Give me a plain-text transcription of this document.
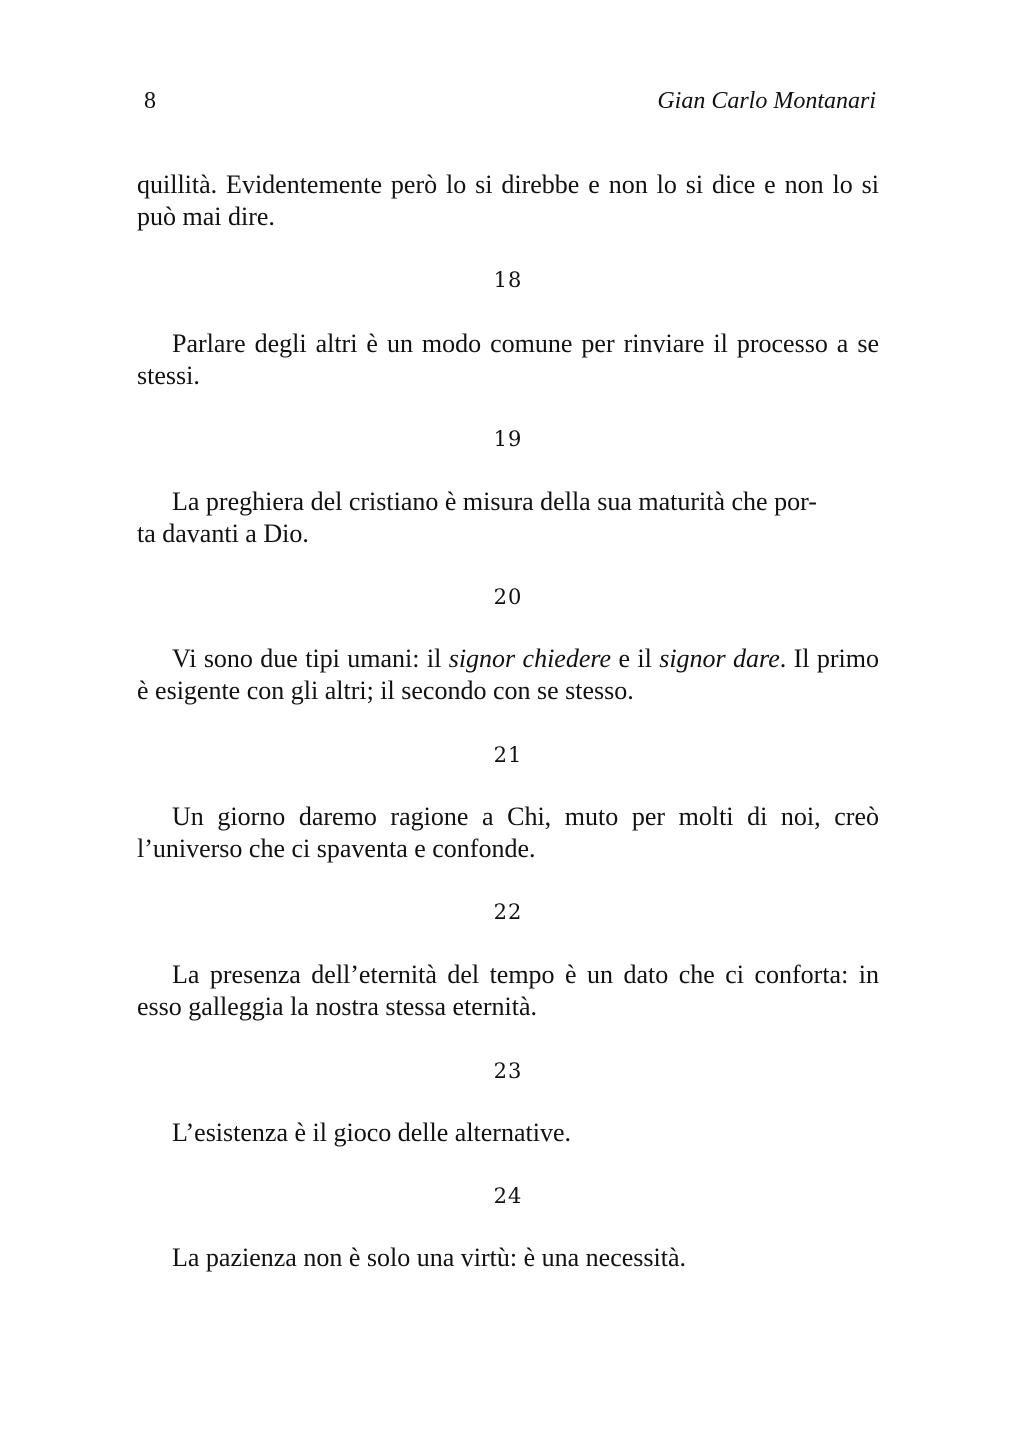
8	Gian Carlo Montanari

quillità. Evidentemente però lo si direbbe e non lo si dice e non lo si può mai dire.

18

Parlare degli altri è un modo comune per rinviare il processo a se stessi.

19

La preghiera del cristiano è misura della sua maturità che por-
ta davanti a Dio.

20

Vi sono due tipi umani: il signor chiedere e il signor dare. Il primo è esigente con gli altri; il secondo con se stesso.

21

Un giorno daremo ragione a Chi, muto per molti di noi, creò l’universo che ci spaventa e confonde.

22

La presenza dell’eternità del tempo è un dato che ci conforta: in esso galleggia la nostra stessa eternità.

23

L’esistenza è il gioco delle alternative.

24

La pazienza non è solo una virtù: è una necessità.
